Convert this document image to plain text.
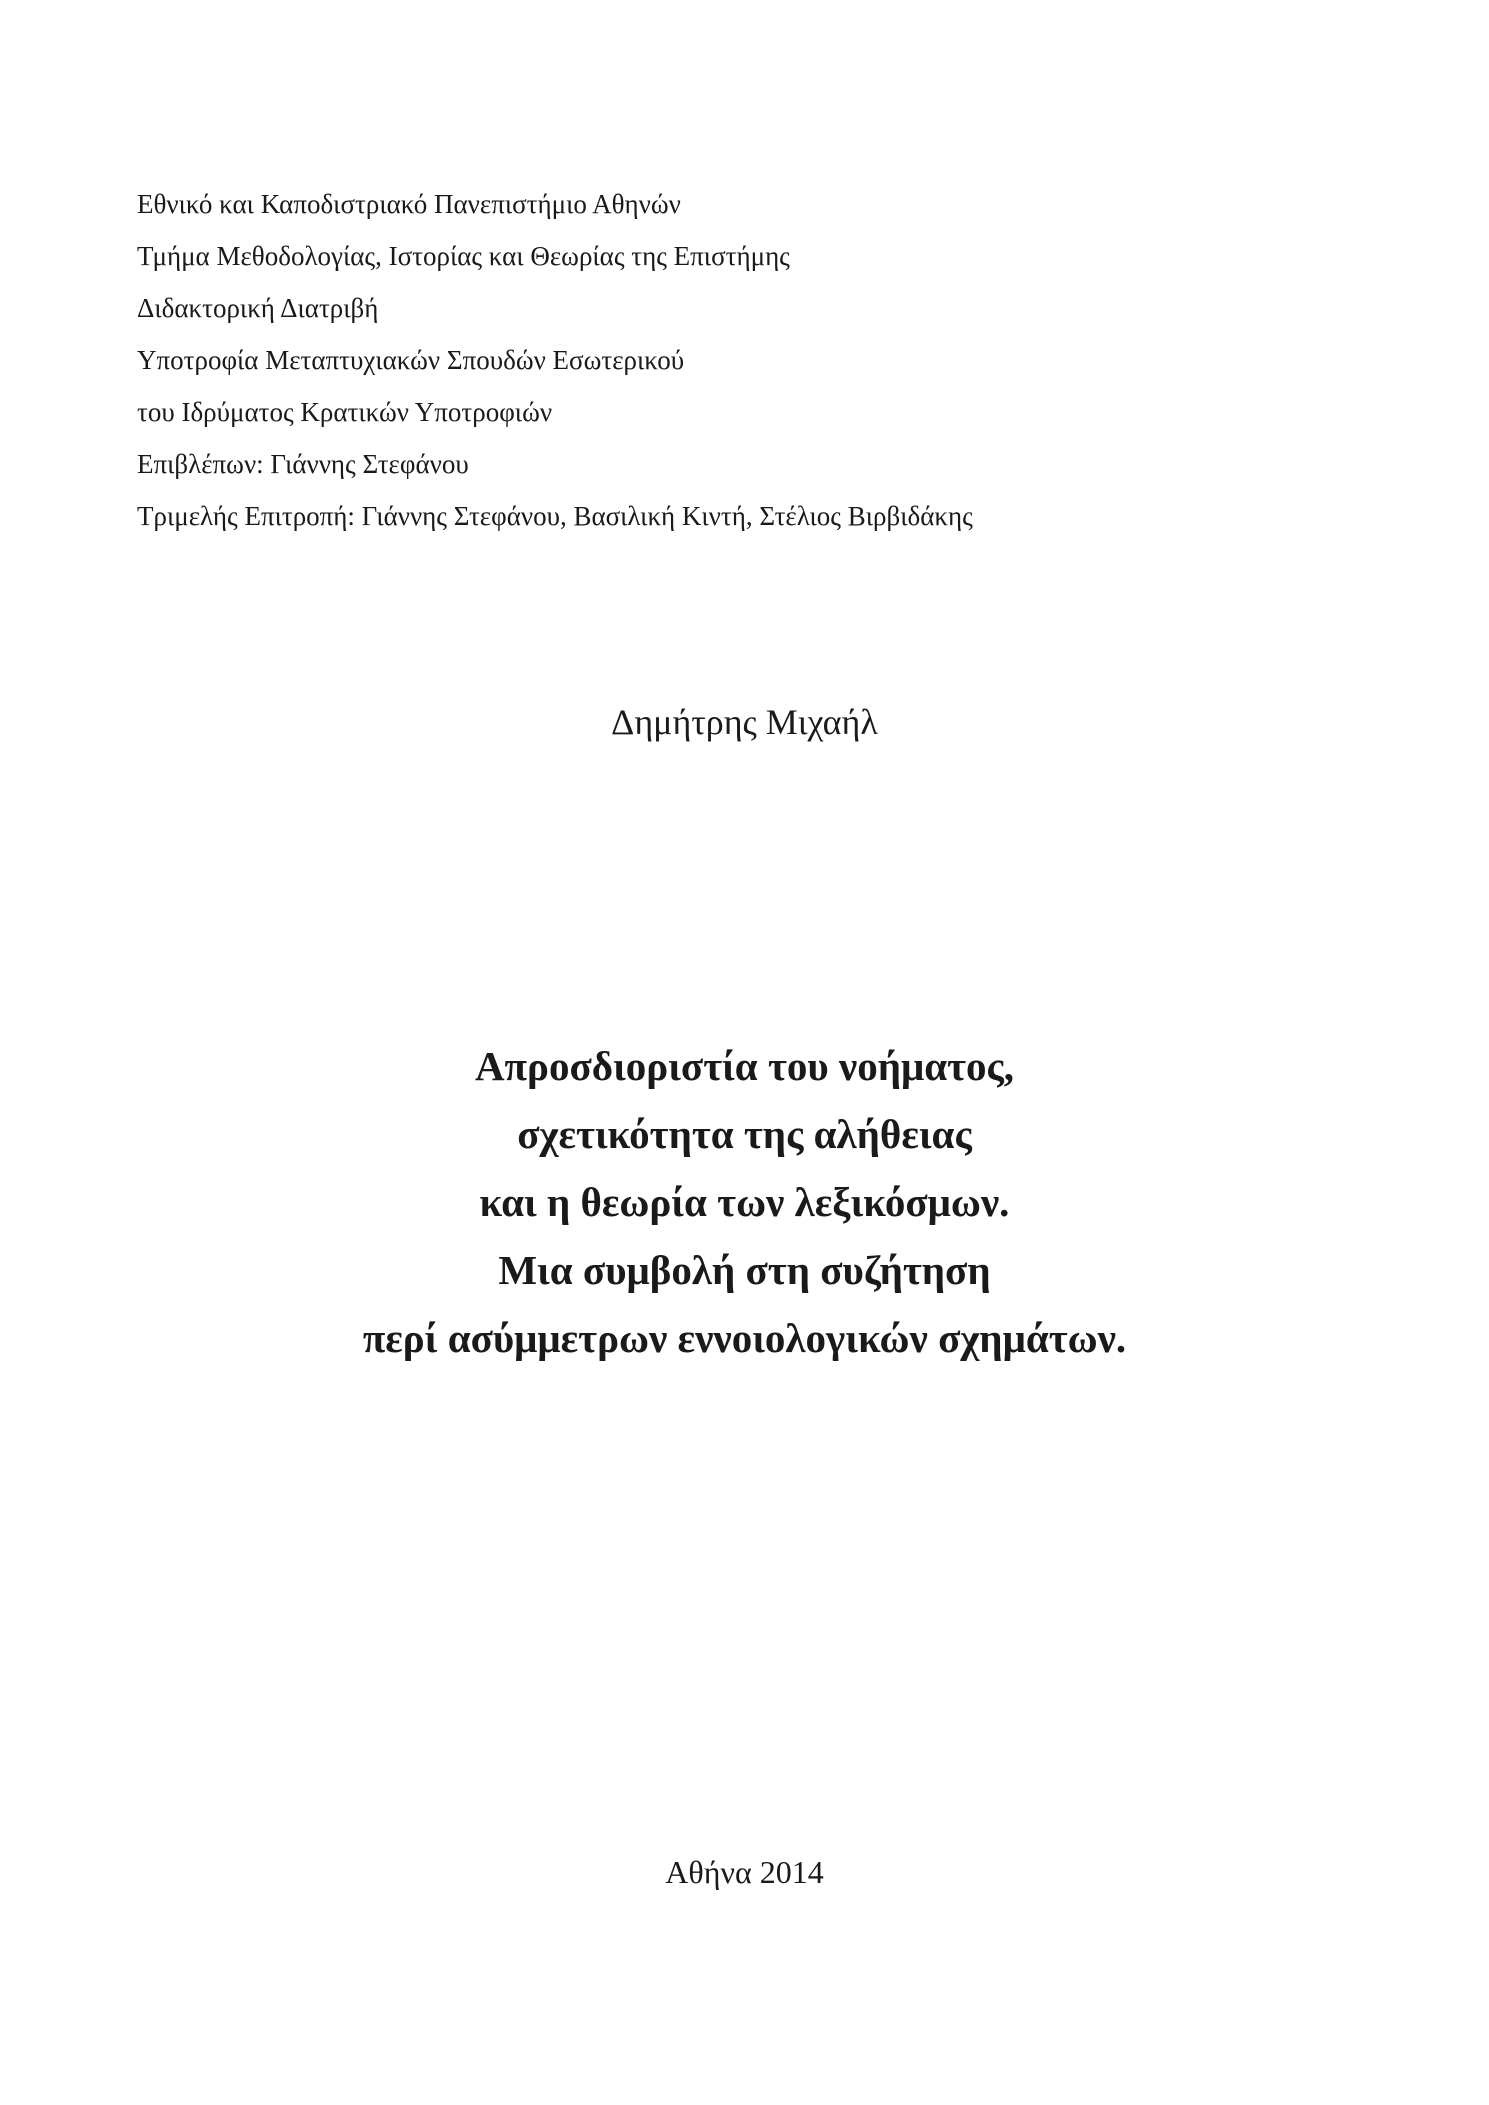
Εθνικό και Καποδιστριακό Πανεπιστήμιο Αθηνών
Τμήμα Μεθοδολογίας, Ιστορίας και Θεωρίας της Επιστήμης
Διδακτορική Διατριβή
Υποτροφία Μεταπτυχιακών Σπουδών Εσωτερικού
του Ιδρύματος Κρατικών Υποτροφιών
Επιβλέπων: Γιάννης Στεφάνου
Τριμελής Επιτροπή: Γιάννης Στεφάνου, Βασιλική Κιντή, Στέλιος Βιρβιδάκης
Δημήτρης Μιχαήλ
Απροσδιοριστία του νοήματος,
σχετικότητα της αλήθειας
και η θεωρία των λεξικόσμων.
Μια συμβολή στη συζήτηση
περί ασύμμετρων εννοιολογικών σχημάτων.
Αθήνα 2014
